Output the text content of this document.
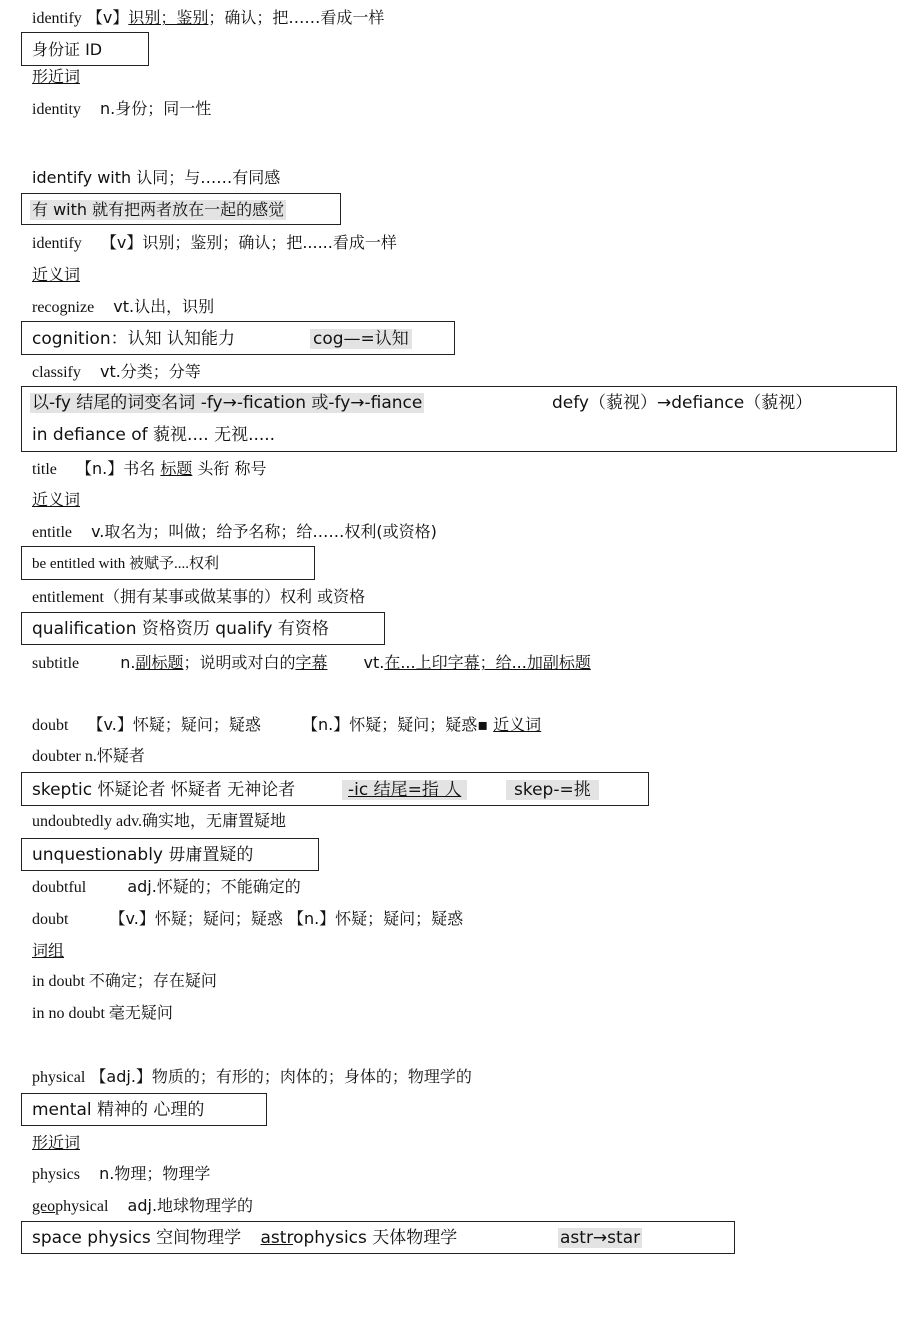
identify 【v】识别；鉴别；确认；把……看成一样
身份证 ID
形近词
identity n.身份；同一性
identify with 认同；与……有同感
有 with 就有把两者放在一起的感觉
identify 【v】识别；鉴别；确认；把......看成一样
近义词
recognize vt.认出，识别
cognition：认知 认知能力	cog—=认知
classify vt.分类；分等
以-fy 结尾的词变名词 -fy→-fication 或-fy→-fiance	defy（藐视）→defiance（藐视）
in defiance of 藐视.... 无视.....
title 【n.】书名 标题 头衔 称号
近义词
entitle v.取名为；叫做；给予名称；给……权利(或资格)
be entitled with 被赋予....权利
entitlement（拥有某事或做某事的）权利 或资格
qualification 资格资历 qualify 有资格
subtitle	n.副标题；说明或对白的字幕 vt.在...上印字幕；给...加副标题
doubt 【v.】怀疑；疑问；疑惑	【n.】怀疑；疑问；疑惑▪ 近义词
doubter n.怀疑者
skeptic 怀疑论者 怀疑者 无神论者	-ic 结尾=指 人	skep-=挑
undoubtedly adv.确实地，无庸置疑地
unquestionably 毋庸置疑的
doubtful	adj.怀疑的；不能确定的
doubt	【v.】怀疑；疑问；疑惑 【n.】怀疑；疑问；疑惑
词组
in doubt 不确定；存在疑问
in no doubt 毫无疑问
physical 【adj.】物质的；有形的；肉体的；身体的；物理学的
mental 精神的 心理的
形近词
physics n.物理；物理学
geophysical adj.地球物理学的
space physics 空间物理学 astrophysics 天体物理学	astr→star
